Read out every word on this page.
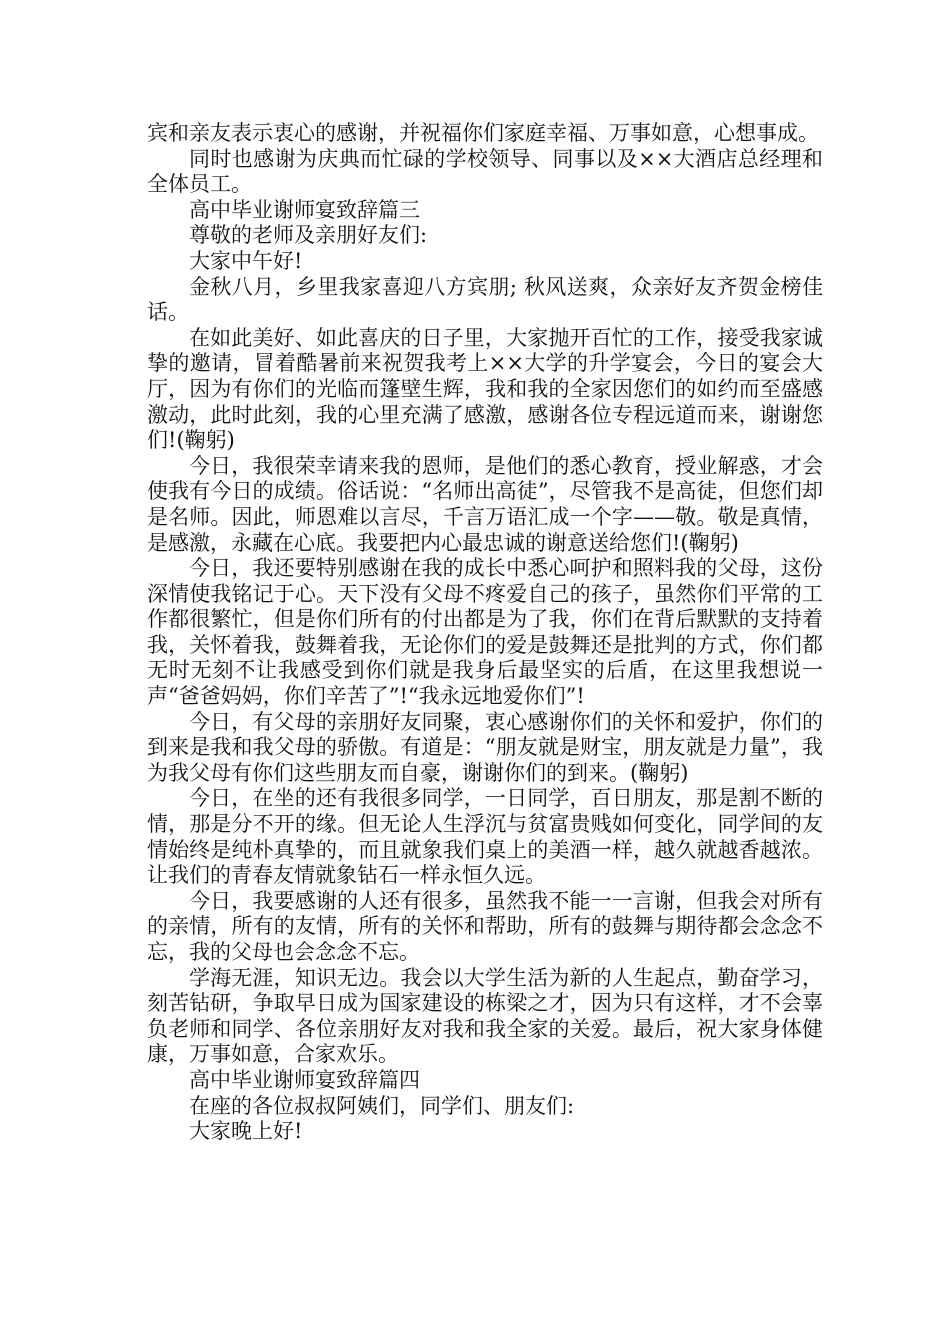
宾和亲友表示衷心的感谢，并祝福你们家庭幸福、万事如意，心想事成。

同时也感谢为庆典而忙碌的学校领导、同事以及××大酒店总经理和全体员工。

高中毕业谢师宴致辞篇三

尊敬的老师及亲朋好友们:

大家中午好!

金秋八月，乡里我家喜迎八方宾朋; 秋风送爽，众亲好友齐贺金榜佳话。

在如此美好、如此喜庆的日子里，大家抛开百忙的工作，接受我家诚挚的邀请，冒着酷暑前来祝贺我考上××大学的升学宴会，今日的宴会大厅，因为有你们的光临而篷壁生辉，我和我的全家因您们的如约而至盛感激动，此时此刻，我的心里充满了感激，感谢各位专程远道而来，谢谢您们!(鞠躬)

今日，我很荣幸请来我的恩师，是他们的悉心教育，授业解惑，才会使我有今日的成绩。俗话说：“名师出高徒”，尽管我不是高徒，但您们却是名师。因此，师恩难以言尽，千言万语汇成一个字——敬。敬是真情，是感激，永藏在心底。我要把内心最忠诚的谢意送给您们!(鞠躬)

今日，我还要特别感谢在我的成长中悉心呵护和照料我的父母，这份深情使我铭记于心。天下没有父母不疼爱自己的孩子，虽然你们平常的工作都很繁忙，但是你们所有的付出都是为了我，你们在背后默默的支持着我，关怀着我，鼓舞着我，无论你们的爱是鼓舞还是批判的方式，你们都无时无刻不让我感受到你们就是我身后最坚实的后盾，在这里我想说一声“爸爸妈妈，你们辛苦了”!“我永远地爱你们”!

今日，有父母的亲朋好友同聚，衷心感谢你们的关怀和爱护，你们的到来是我和我父母的骄傲。有道是：“朋友就是财宝，朋友就是力量”，我为我父母有你们这些朋友而自豪，谢谢你们的到来。(鞠躬)

今日，在坐的还有我很多同学，一日同学，百日朋友，那是割不断的情，那是分不开的缘。但无论人生浮沉与贫富贵贱如何变化，同学间的友情始终是纯朴真挚的，而且就象我们桌上的美酒一样，越久就越香越浓。让我们的青春友情就象钻石一样永恒久远。

今日，我要感谢的人还有很多，虽然我不能一一言谢，但我会对所有的亲情，所有的友情，所有的关怀和帮助，所有的鼓舞与期待都会念念不忘，我的父母也会念念不忘。

学海无涯，知识无边。我会以大学生活为新的人生起点，勤奋学习，刻苦钻研，争取早日成为国家建设的栋梁之才，因为只有这样，才不会辜负老师和同学、各位亲朋好友对我和我全家的关爱。最后，祝大家身体健康，万事如意，合家欢乐。

高中毕业谢师宴致辞篇四

在座的各位叔叔阿姨们，同学们、朋友们:

大家晚上好!
